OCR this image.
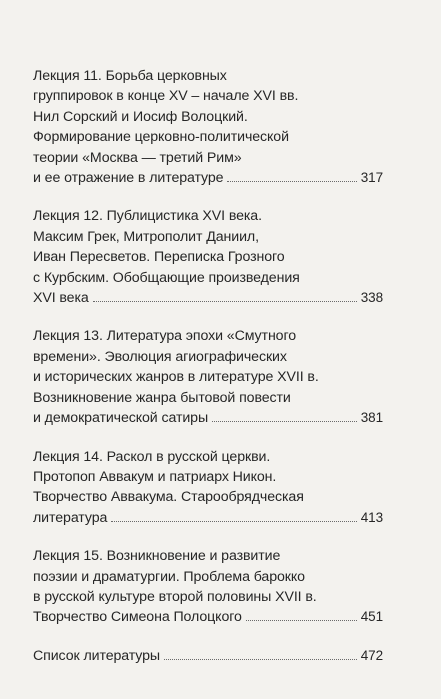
Лекция 11. Борьба церковных
группировок в конце XV – начале XVI вв.
Нил Сорский и Иосиф Волоцкий.
Формирование церковно-политической
теории «Москва — третий Рим»
и ее отражение в литературе	317
Лекция 12. Публицистика XVI века.
Максим Грек, Митрополит Даниил,
Иван Пересветов. Переписка Грозного
с Курбским. Обобщающие произведения
XVI века	338
Лекция 13. Литература эпохи «Смутного
времени». Эволюция агиографических
и исторических жанров в литературе XVII в.
Возникновение жанра бытовой повести
и демократической сатиры	381
Лекция 14. Раскол в русской церкви.
Протопоп Аввакум и патриарх Никон.
Творчество Аввакума. Старообрядческая
литература	413
Лекция 15. Возникновение и развитие
поэзии и драматургии. Проблема барокко
в русской культуре второй половины XVII в.
Творчество Симеона Полоцкого	451
Список литературы	472
